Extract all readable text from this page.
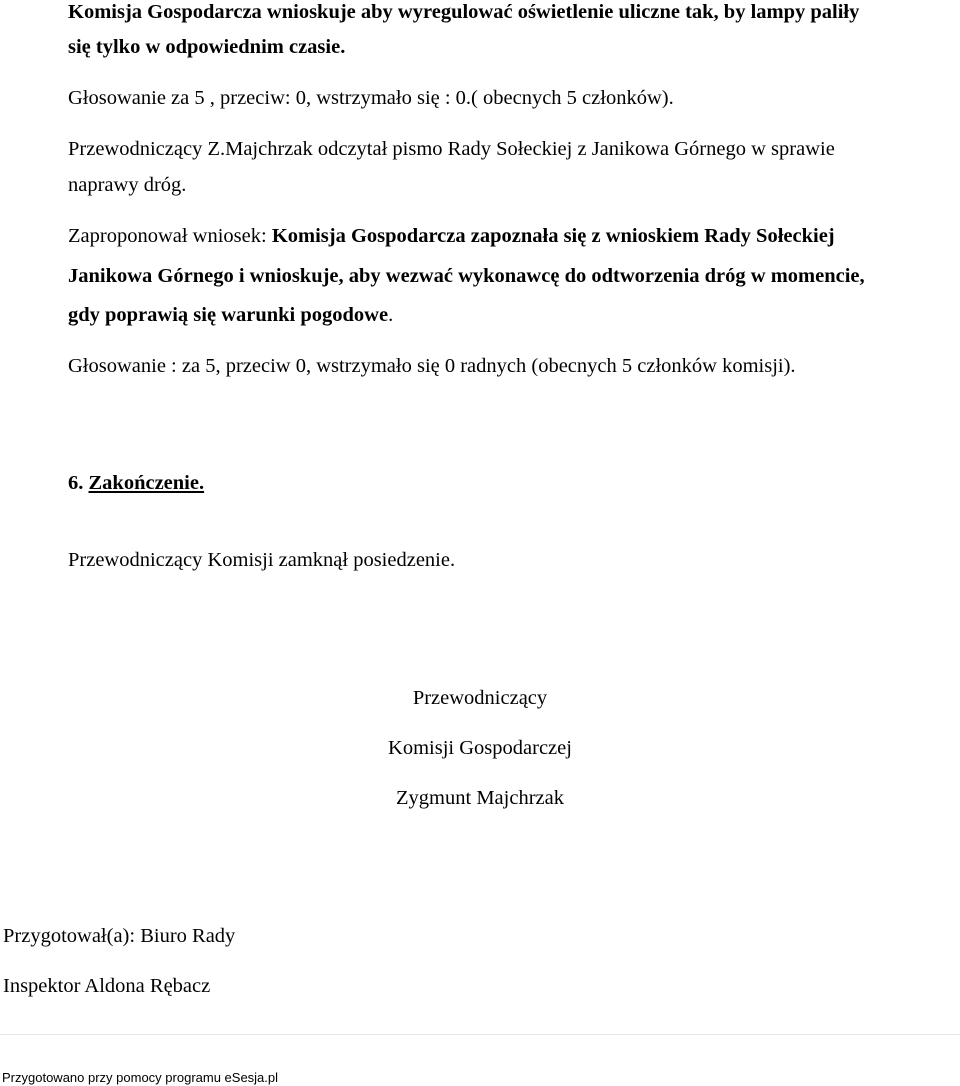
Komisja Gospodarcza wnioskuje aby wyregulować oświetlenie uliczne tak, by lampy paliły
się tylko w odpowiednim czasie.
Głosowanie za 5 , przeciw: 0, wstrzymało się : 0.( obecnych 5 członków).
Przewodniczący Z.Majchrzak odczytał pismo Rady Sołeckiej z Janikowa Górnego w sprawie
naprawy dróg.
Zaproponował wniosek: Komisja Gospodarcza zapoznała się z wnioskiem Rady Sołeckiej
Janikowa Górnego i wnioskuje, aby wezwać wykonawcę do odtworzenia dróg w momencie,
gdy poprawią się warunki pogodowe.
Głosowanie : za 5, przeciw 0, wstrzymało się 0 radnych (obecnych 5 członków komisji).
6. Zakończenie.
Przewodniczący Komisji zamknął posiedzenie.
Przewodniczący
Komisji Gospodarczej
Zygmunt Majchrzak
Przygotował(a): Biuro Rady
Inspektor Aldona Rębacz
Przygotowano przy pomocy programu eSesja.pl
